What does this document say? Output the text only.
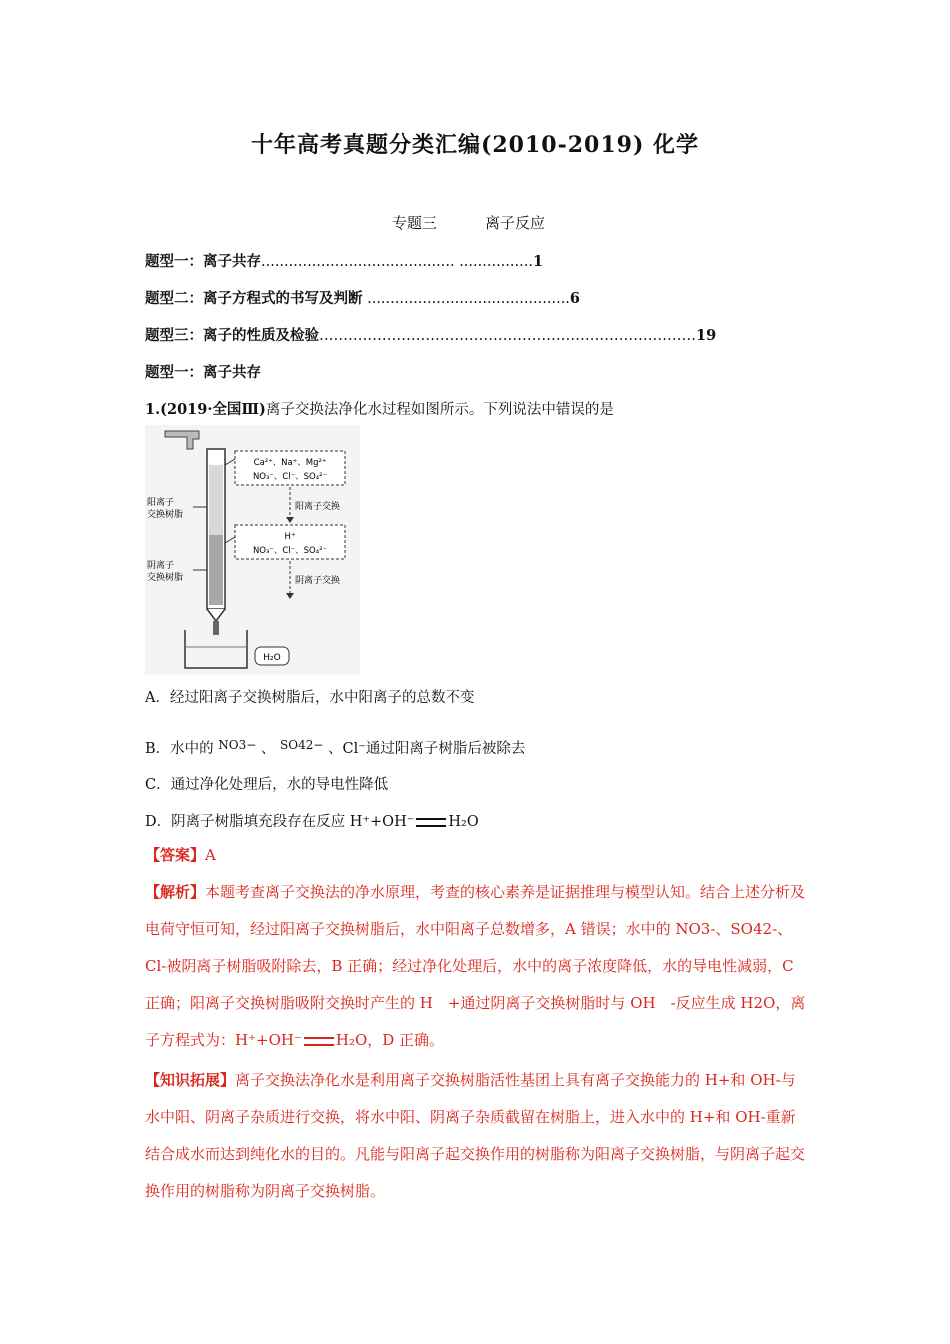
十年高考真题分类汇编(2010-2019) 化学
专题三	离子反应
题型一：离子共存.......................................... ................1
题型二：离子方程式的书写及判断 ............................................6
题型三：离子的性质及检验……………………………………………………………………19
题型一：离子共存
1.(2019·全国Ⅲ)离子交换法净化水过程如图所示。下列说法中错误的是
阳离子交换树脂
阴离子交换树脂
Ca²⁺、Na⁺、Mg²⁺
NO₃⁻、Cl⁻、SO₄²⁻
阳离子交换
H⁺
NO₃⁻、Cl⁻、SO₄²⁻
阴离子交换
H₂O
A．经过阳离子交换树脂后，水中阳离子的总数不变
B．水中的 $^{NO3-}$ 、 $^{SO42-}$ 、Cl⁻通过阳离子树脂后被除去
C．通过净化处理后，水的导电性降低
D．阴离子树脂填充段存在反应 H⁺+OH⁻ H₂O
【答案】A
【解析】本题考查离子交换法的净水原理，考查的核心素养是证据推理与模型认知。结合上述分析及电荷守恒可知，经过阳离子交换树脂后，水中阳离子总数增多，A 错误；水中的 NO3-、SO42-、Cl-被阴离子树脂吸附除去，B 正确；经过净化处理后，水中的离子浓度降低，水的导电性减弱，C 正确；阳离子交换树脂吸附交换时产生的 H　+通过阴离子交换树脂时与 OH　-反应生成 H2O，离子方程式为：H⁺+OH⁻ H₂O，D 正确。
【知识拓展】离子交换法净化水是利用离子交换树脂活性基团上具有离子交换能力的 H+和 OH-与水中阳、阴离子杂质进行交换，将水中阳、阴离子杂质截留在树脂上，进入水中的 H+和 OH-重新结合成水而达到纯化水的目的。凡能与阳离子起交换作用的树脂称为阳离子交换树脂，与阴离子起交换作用的树脂称为阴离子交换树脂。
